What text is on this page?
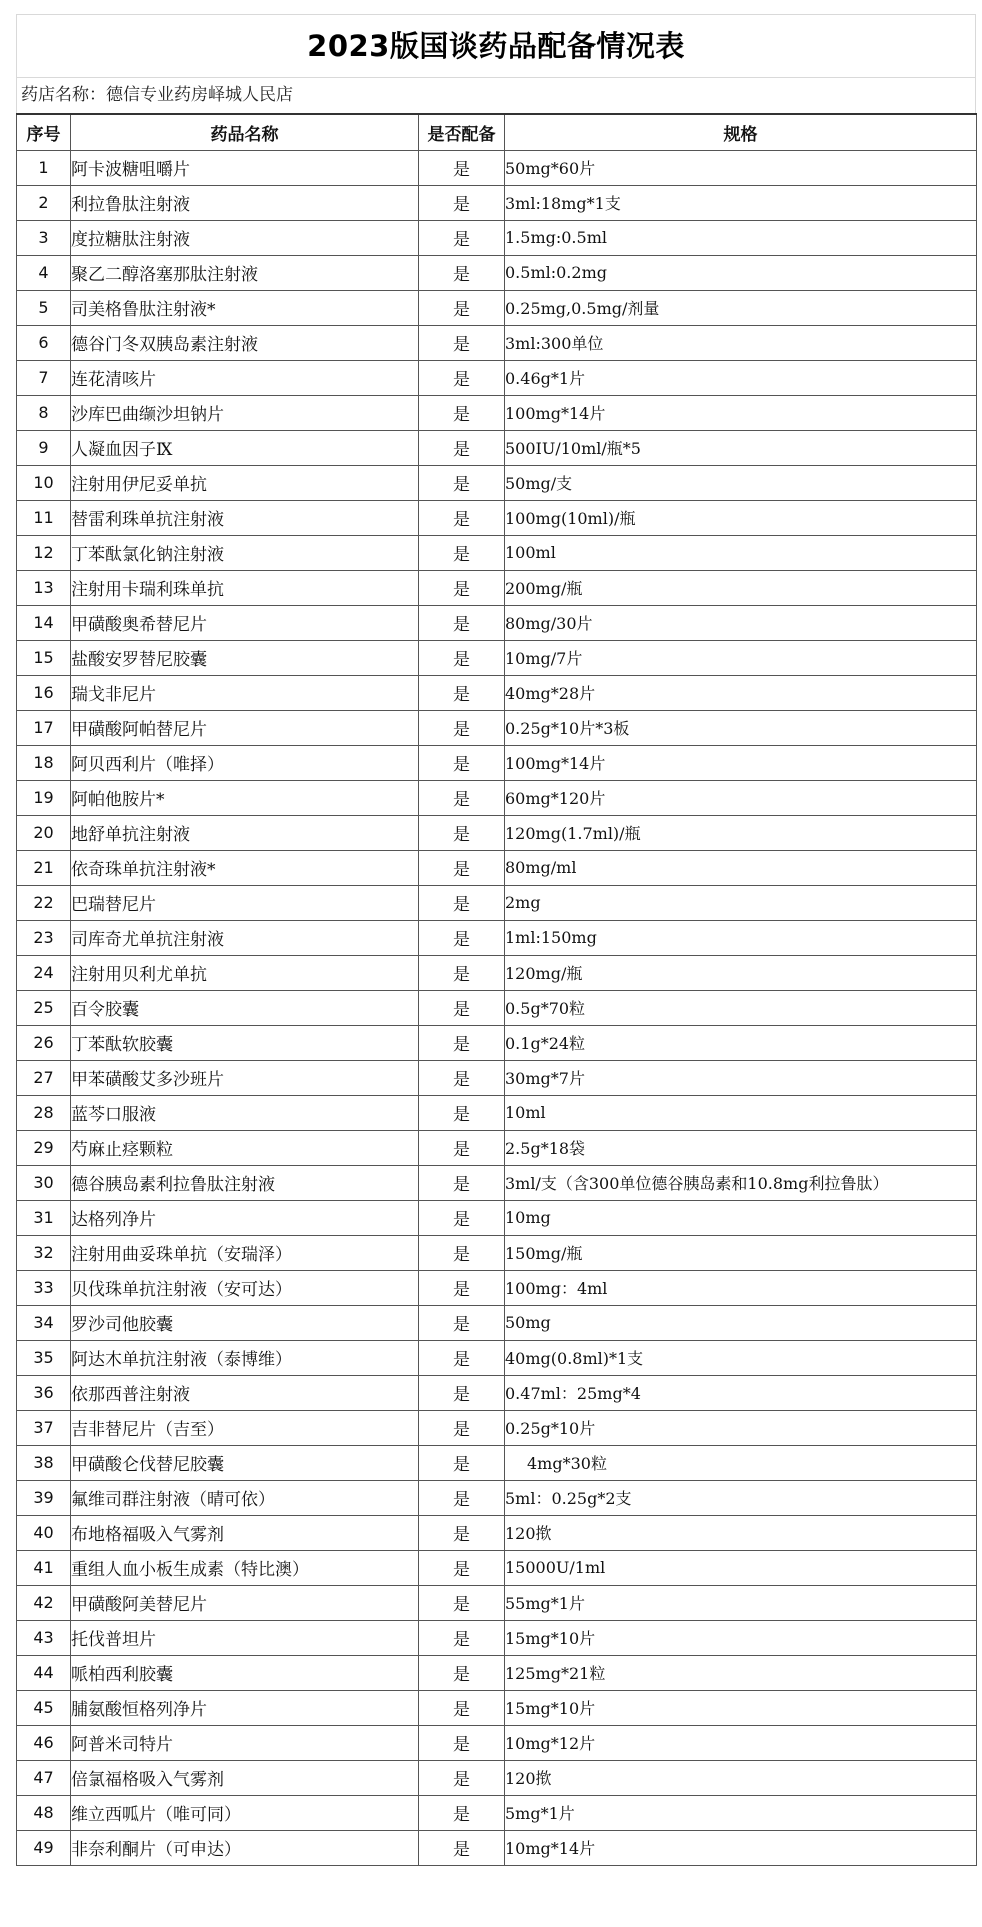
2023版国谈药品配备情况表
药店名称：德信专业药房峄城人民店
序号	药品名称	是否配备	规格
1	阿卡波糖咀嚼片	是	50mg*60片
2	利拉鲁肽注射液	是	3ml:18mg*1支
3	度拉糖肽注射液	是	1.5mg:0.5ml
4	聚乙二醇洛塞那肽注射液	是	0.5ml:0.2mg
5	司美格鲁肽注射液*	是	0.25mg,0.5mg/剂量
6	德谷门冬双胰岛素注射液	是	3ml:300单位
7	连花清咳片	是	0.46g*1片
8	沙库巴曲缬沙坦钠片	是	100mg*14片
9	人凝血因子Ⅸ	是	500IU/10ml/瓶*5
10	注射用伊尼妥单抗	是	50mg/支
11	替雷利珠单抗注射液	是	100mg(10ml)/瓶
12	丁苯酞氯化钠注射液	是	100ml
13	注射用卡瑞利珠单抗	是	200mg/瓶
14	甲磺酸奥希替尼片	是	80mg/30片
15	盐酸安罗替尼胶囊	是	10mg/7片
16	瑞戈非尼片	是	40mg*28片
17	甲磺酸阿帕替尼片	是	0.25g*10片*3板
18	阿贝西利片（唯择）	是	100mg*14片
19	阿帕他胺片*	是	60mg*120片
20	地舒单抗注射液	是	120mg(1.7ml)/瓶
21	依奇珠单抗注射液*	是	80mg/ml
22	巴瑞替尼片	是	2mg
23	司库奇尤单抗注射液	是	1ml:150mg
24	注射用贝利尤单抗	是	120mg/瓶
25	百令胶囊	是	0.5g*70粒
26	丁苯酞软胶囊	是	0.1g*24粒
27	甲苯磺酸艾多沙班片	是	30mg*7片
28	蓝芩口服液	是	10ml
29	芍麻止痉颗粒	是	2.5g*18袋
30	德谷胰岛素利拉鲁肽注射液	是	3ml/支（含300单位德谷胰岛素和10.8mg利拉鲁肽）
31	达格列净片	是	10mg
32	注射用曲妥珠单抗（安瑞泽）	是	150mg/瓶
33	贝伐珠单抗注射液（安可达）	是	100mg：4ml
34	罗沙司他胶囊	是	50mg
35	阿达木单抗注射液（泰博维）	是	40mg(0.8ml)*1支
36	依那西普注射液	是	0.47ml：25mg*4
37	吉非替尼片（吉至）	是	0.25g*10片
38	甲磺酸仑伐替尼胶囊	是	4mg*30粒
39	氟维司群注射液（晴可依）	是	5ml：0.25g*2支
40	布地格福吸入气雾剂	是	120揿
41	重组人血小板生成素（特比澳）	是	15000U/1ml
42	甲磺酸阿美替尼片	是	55mg*1片
43	托伐普坦片	是	15mg*10片
44	哌柏西利胶囊	是	125mg*21粒
45	脯氨酸恒格列净片	是	15mg*10片
46	阿普米司特片	是	10mg*12片
47	倍氯福格吸入气雾剂	是	120揿
48	维立西呱片（唯可同）	是	5mg*1片
49	非奈利酮片（可申达）	是	10mg*14片
